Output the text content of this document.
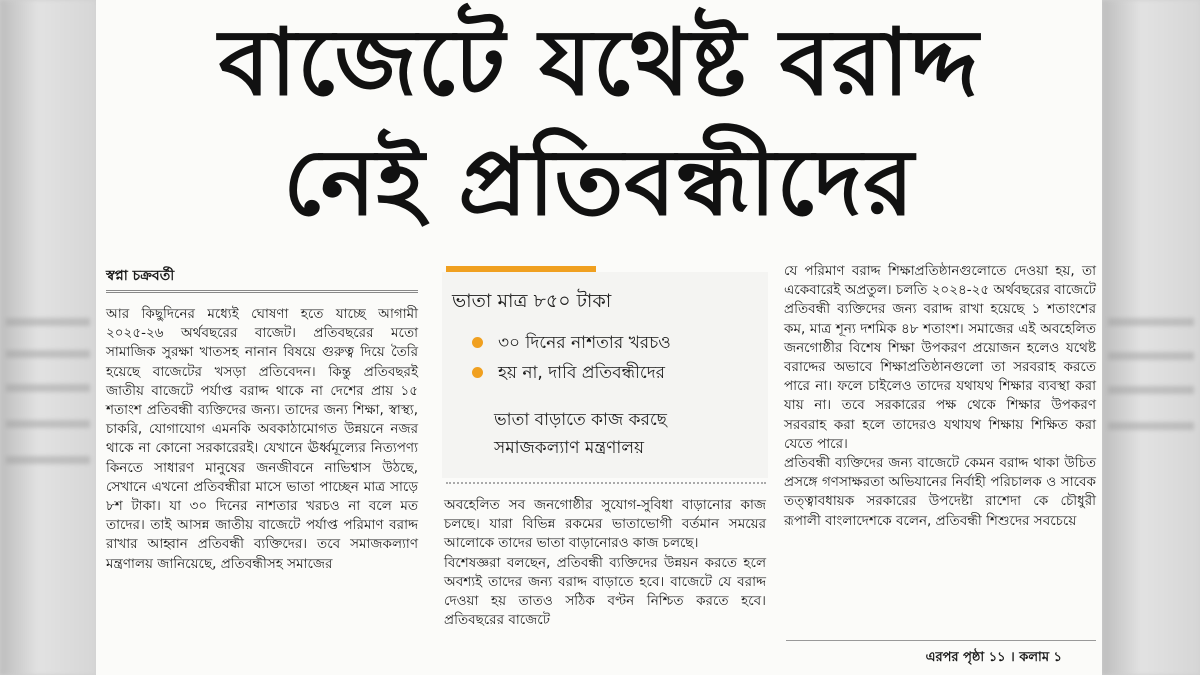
বাজেটে যথেষ্ট বরাদ্দ
নেই প্রতিবন্ধীদের
স্বপ্না চক্রবর্তী

আর কিছুদিনের মধ্যেই ঘোষণা হতে যাচ্ছে আগামী ২০২৫-২৬ অর্থবছরের বাজেট। প্রতিবছরের মতো সামাজিক সুরক্ষা খাতসহ নানান বিষয়ে গুরুত্ব দিয়ে তৈরি হয়েছে বাজেটের খসড়া প্রতিবেদন। কিন্তু প্রতিবছরই জাতীয় বাজেটে পর্যাপ্ত বরাদ্দ থাকে না দেশের প্রায় ১৫ শতাংশ প্রতিবন্ধী ব্যক্তিদের জন্য। তাদের জন্য শিক্ষা, স্বাস্থ্য, চাকরি, যোগাযোগ এমনকি অবকাঠামোগত উন্নয়নে নজর থাকে না কোনো সরকারেরই। যেখানে ঊর্ধ্বমূল্যের নিত্যপণ্য কিনতে সাধারণ মানুষের জনজীবনে নাভিশ্বাস উঠছে, সেখানে এখনো প্রতিবন্ধীরা মাসে ভাতা পাচ্ছেন মাত্র সাড়ে ৮শ টাকা। যা ৩০ দিনের নাশতার খরচও না বলে মত তাদের। তাই আসন্ন জাতীয় বাজেটে পর্যাপ্ত পরিমাণ বরাদ্দ রাখার আহ্বান প্রতিবন্ধী ব্যক্তিদের। তবে সমাজকল্যাণ মন্ত্রণালয় জানিয়েছে, প্রতিবন্ধীসহ সমাজের

ভাতা মাত্র ৮৫০ টাকা
৩০ দিনের নাশতার খরচও
হয় না, দাবি প্রতিবন্ধীদের
ভাতা বাড়াতে কাজ করছে
সমাজকল্যাণ মন্ত্রণালয়

অবহেলিত সব জনগোষ্ঠীর সুযোগ-সুবিধা বাড়ানোর কাজ চলছে। যারা বিভিন্ন রকমের ভাতাভোগী বর্তমান সময়ের আলোকে তাদের ভাতা বাড়ানোরও কাজ চলছে।

বিশেষজ্ঞরা বলছেন, প্রতিবন্ধী ব্যক্তিদের উন্নয়ন করতে হলে অবশ্যই তাদের জন্য বরাদ্দ বাড়াতে হবে। বাজেটে যে বরাদ্দ দেওয়া হয় তাতও সঠিক বণ্টন নিশ্চিত করতে হবে। প্রতিবছরের বাজেটে

যে পরিমাণ বরাদ্দ শিক্ষাপ্রতিষ্ঠানগুলোতে দেওয়া হয়, তা একেবারেই অপ্রতুল। চলতি ২০২৪-২৫ অর্থবছরের বাজেটে প্রতিবন্ধী ব্যক্তিদের জন্য বরাদ্দ রাখা হয়েছে ১ শতাংশের কম, মাত্র শূন্য দশমিক ৪৮ শতাংশ। সমাজের এই অবহেলিত জনগোষ্ঠীর বিশেষ শিক্ষা উপকরণ প্রয়োজন হলেও যথেষ্ট বরাদ্দের অভাবে শিক্ষাপ্রতিষ্ঠানগুলো তা সরবরাহ করতে পারে না। ফলে চাইলেও তাদের যথাযথ শিক্ষার ব্যবস্থা করা যায় না। তবে সরকারের পক্ষ থেকে শিক্ষার উপকরণ সরবরাহ করা হলে তাদেরও যথাযথ শিক্ষায় শিক্ষিত করা যেতে পারে।

প্রতিবন্ধী ব্যক্তিদের জন্য বাজেটে কেমন বরাদ্দ থাকা উচিত প্রসঙ্গে গণসাক্ষরতা অভিযানের নির্বাহী পরিচালক ও সাবেক তত্ত্বাবধায়ক সরকারের উপদেষ্টা রাশেদা কে চৌধুরী রূপালী বাংলাদেশকে বলেন, প্রতিবন্ধী শিশুদের সবচেয়ে

এরপর পৃষ্ঠা ১১ । কলাম ১
